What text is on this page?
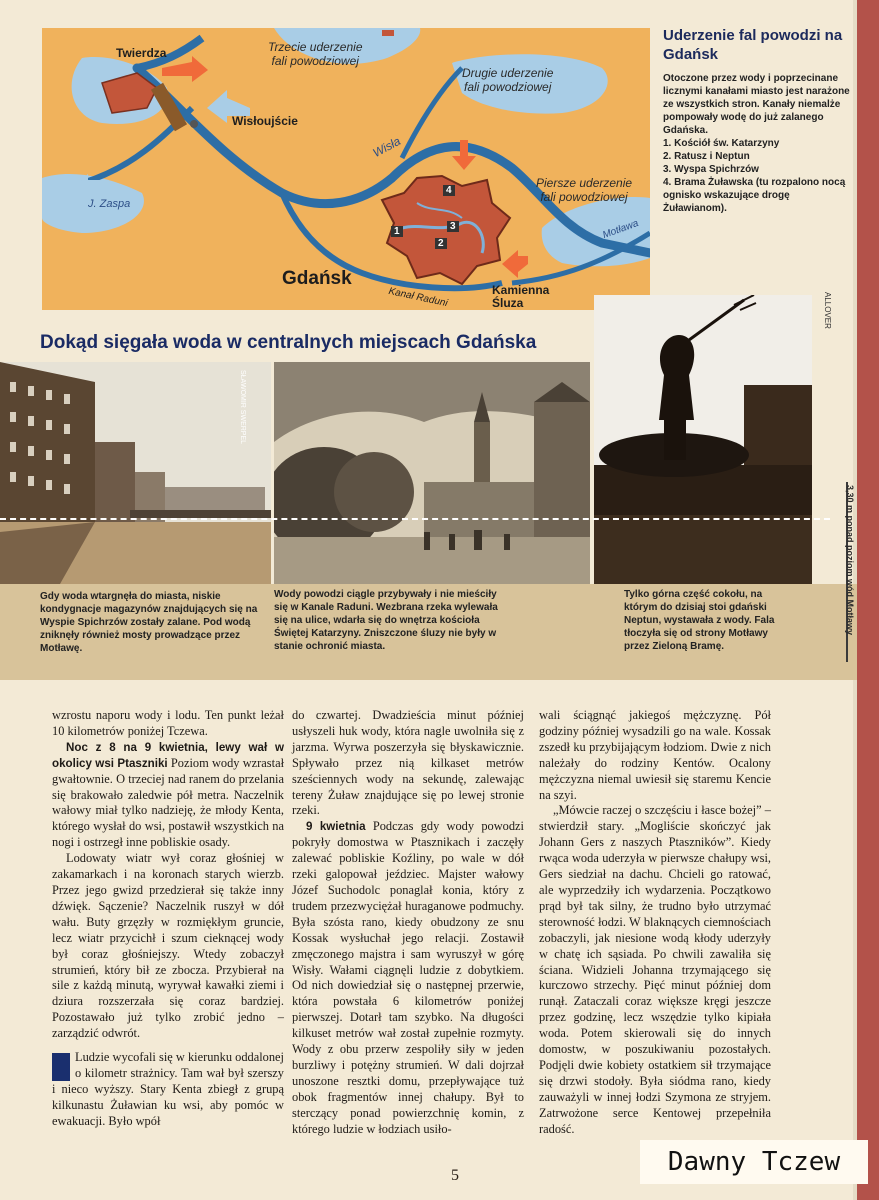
Twierdza
Wisłoujście
Gdańsk
Kamienna
Śluza
Trzecie uderzenie
fali powodziowej
Drugie uderzenie
fali powodziowej
Piersze uderzenie
fali powodziowej
Wisła
J. Zaspa
Motława
Kanał Raduni
1
2
3
4
Uderzenie fal powodzi na Gdańsk

Otoczone przez wody i poprzecinane licznymi kanałami miasto jest narażone ze wszystkich stron. Kanały niemalże pompowały wodę do już zalanego Gdańska.

1. Kościół św. Katarzyny
2. Ratusz i Neptun
3. Wyspa Spichrzów
4. Brama Żuławska (tu rozpalono nocą ognisko wskazujące drogę Żuławianom).
ALLOVER
Dokąd sięgała woda w centralnych miejscach Gdańska
SŁAWOMIR SWERPEL
Gdy woda wtargnęła do miasta, niskie kondygnacje magazynów znajdujących się na Wyspie Spichrzów zostały zalane. Pod wodą zniknęły również mosty prowadzące przez Motławę.
Wody powodzi ciągle przybywały i nie mieściły się w Kanale Raduni. Wezbrana rzeka wylewała się na ulice, wdarła się do wnętrza kościoła Świętej Katarzyny. Zniszczone śluzy nie były w stanie ochronić miasta.
Tylko górna część cokołu, na którym do dzisiaj stoi gdański Neptun, wystawała z wody. Fala tłoczyła się od strony Motławy przez Zieloną Bramę.
3,30 m ponad poziom wód Motławy

wzrostu naporu wody i lodu. Ten punkt leżał 10 kilometrów poniżej Tczewa.

Noc z 8 na 9 kwietnia, lewy wał w okolicy wsi Ptaszniki Poziom wody wzrastał gwałtownie. O trzeciej nad ranem do przelania się brakowało zaledwie pół metra. Naczelnik wałowy miał tylko nadzieję, że młody Kenta, którego wysłał do wsi, postawił wszystkich na nogi i ostrzegł inne pobliskie osady.

Lodowaty wiatr wył coraz głośniej w zakamarkach i na koronach starych wierzb. Przez jego gwizd przedzierał się także inny dźwięk. Sączenie? Naczelnik ruszył w dół wału. Buty grzęzły w rozmiękłym gruncie, lecz wiatr przycichł i szum cieknącej wody był coraz głośniejszy. Wtedy zobaczył strumień, który bił ze zbocza. Przybierał na sile z każdą minutą, wyrywał kawałki ziemi i dziura rozszerzała się coraz bardziej. Pozostawało już tylko zrobić jedno – zarządzić odwrót.

Ludzie wycofali się w kierunku oddalonej o kilometr strażnicy. Tam wał był szerszy i nieco wyższy. Stary Kenta zbiegł z grupą kilkunastu Żuławian ku wsi, aby pomóc w ewakuacji. Było wpół

do czwartej. Dwadzieścia minut później usłyszeli huk wody, która nagle uwolniła się z jarzma. Wyrwa poszerzyła się błyskawicznie. Spływało przez nią kilkaset metrów sześciennych wody na sekundę, zalewając tereny Żuław znajdujące się po lewej stronie rzeki.

9 kwietnia Podczas gdy wody powodzi pokryły domostwa w Ptasznikach i zaczęły zalewać pobliskie Koźliny, po wale w dół rzeki galopował jeździec. Majster wałowy Józef Suchodolc ponaglał konia, który z trudem przezwyciężał huraganowe podmuchy. Była szósta rano, kiedy obudzony ze snu Kossak wysłuchał jego relacji. Zostawił zmęczonego majstra i sam wyruszył w górę Wisły. Wałami ciągnęli ludzie z dobytkiem. Od nich dowiedział się o następnej przerwie, która powstała 6 kilometrów poniżej pierwszej. Dotarł tam szybko. Na długości kilkuset metrów wał został zupełnie rozmyty. Wody z obu przerw zespoliły siły w jeden burzliwy i potężny strumień. W dali dojrzał unoszone resztki domu, przepływające tuż obok fragmentów innej chałupy. Był to sterczący ponad powierzchnię komin, z którego ludzie w łodziach usiło-

wali ściągnąć jakiegoś mężczyznę. Pół godziny później wysadzili go na wale. Kossak zszedł ku przybijającym łodziom. Dwie z nich należały do rodziny Kentów. Ocalony mężczyzna niemal uwiesił się staremu Kencie na szyi.

„Mówcie raczej o szczęściu i łasce bożej” – stwierdził stary. „Mogliście skończyć jak Johann Gers z naszych Ptaszników”. Kiedy rwąca woda uderzyła w pierwsze chałupy wsi, Gers siedział na dachu. Chcieli go ratować, ale wyprzedziły ich wydarzenia. Początkowo prąd był tak silny, że trudno było utrzymać sterowność łodzi. W blaknących ciemnościach zobaczyli, jak niesione wodą kłody uderzyły w chatę ich sąsiada. Po chwili zawaliła się ściana. Widzieli Johanna trzymającego się kurczowo strzechy. Pięć minut później dom runął. Zataczali coraz większe kręgi jeszcze przez godzinę, lecz wszędzie tylko kipiała woda. Potem skierowali się do innych domostw, w poszukiwaniu pozostałych. Podjęli dwie kobiety ostatkiem sił trzymające się drzwi stodoły. Była siódma rano, kiedy zauważyli w innej łodzi Szymona ze stryjem. Zatrwożone serce Kentowej przepełniła radość.

5	Dawny Tczew
